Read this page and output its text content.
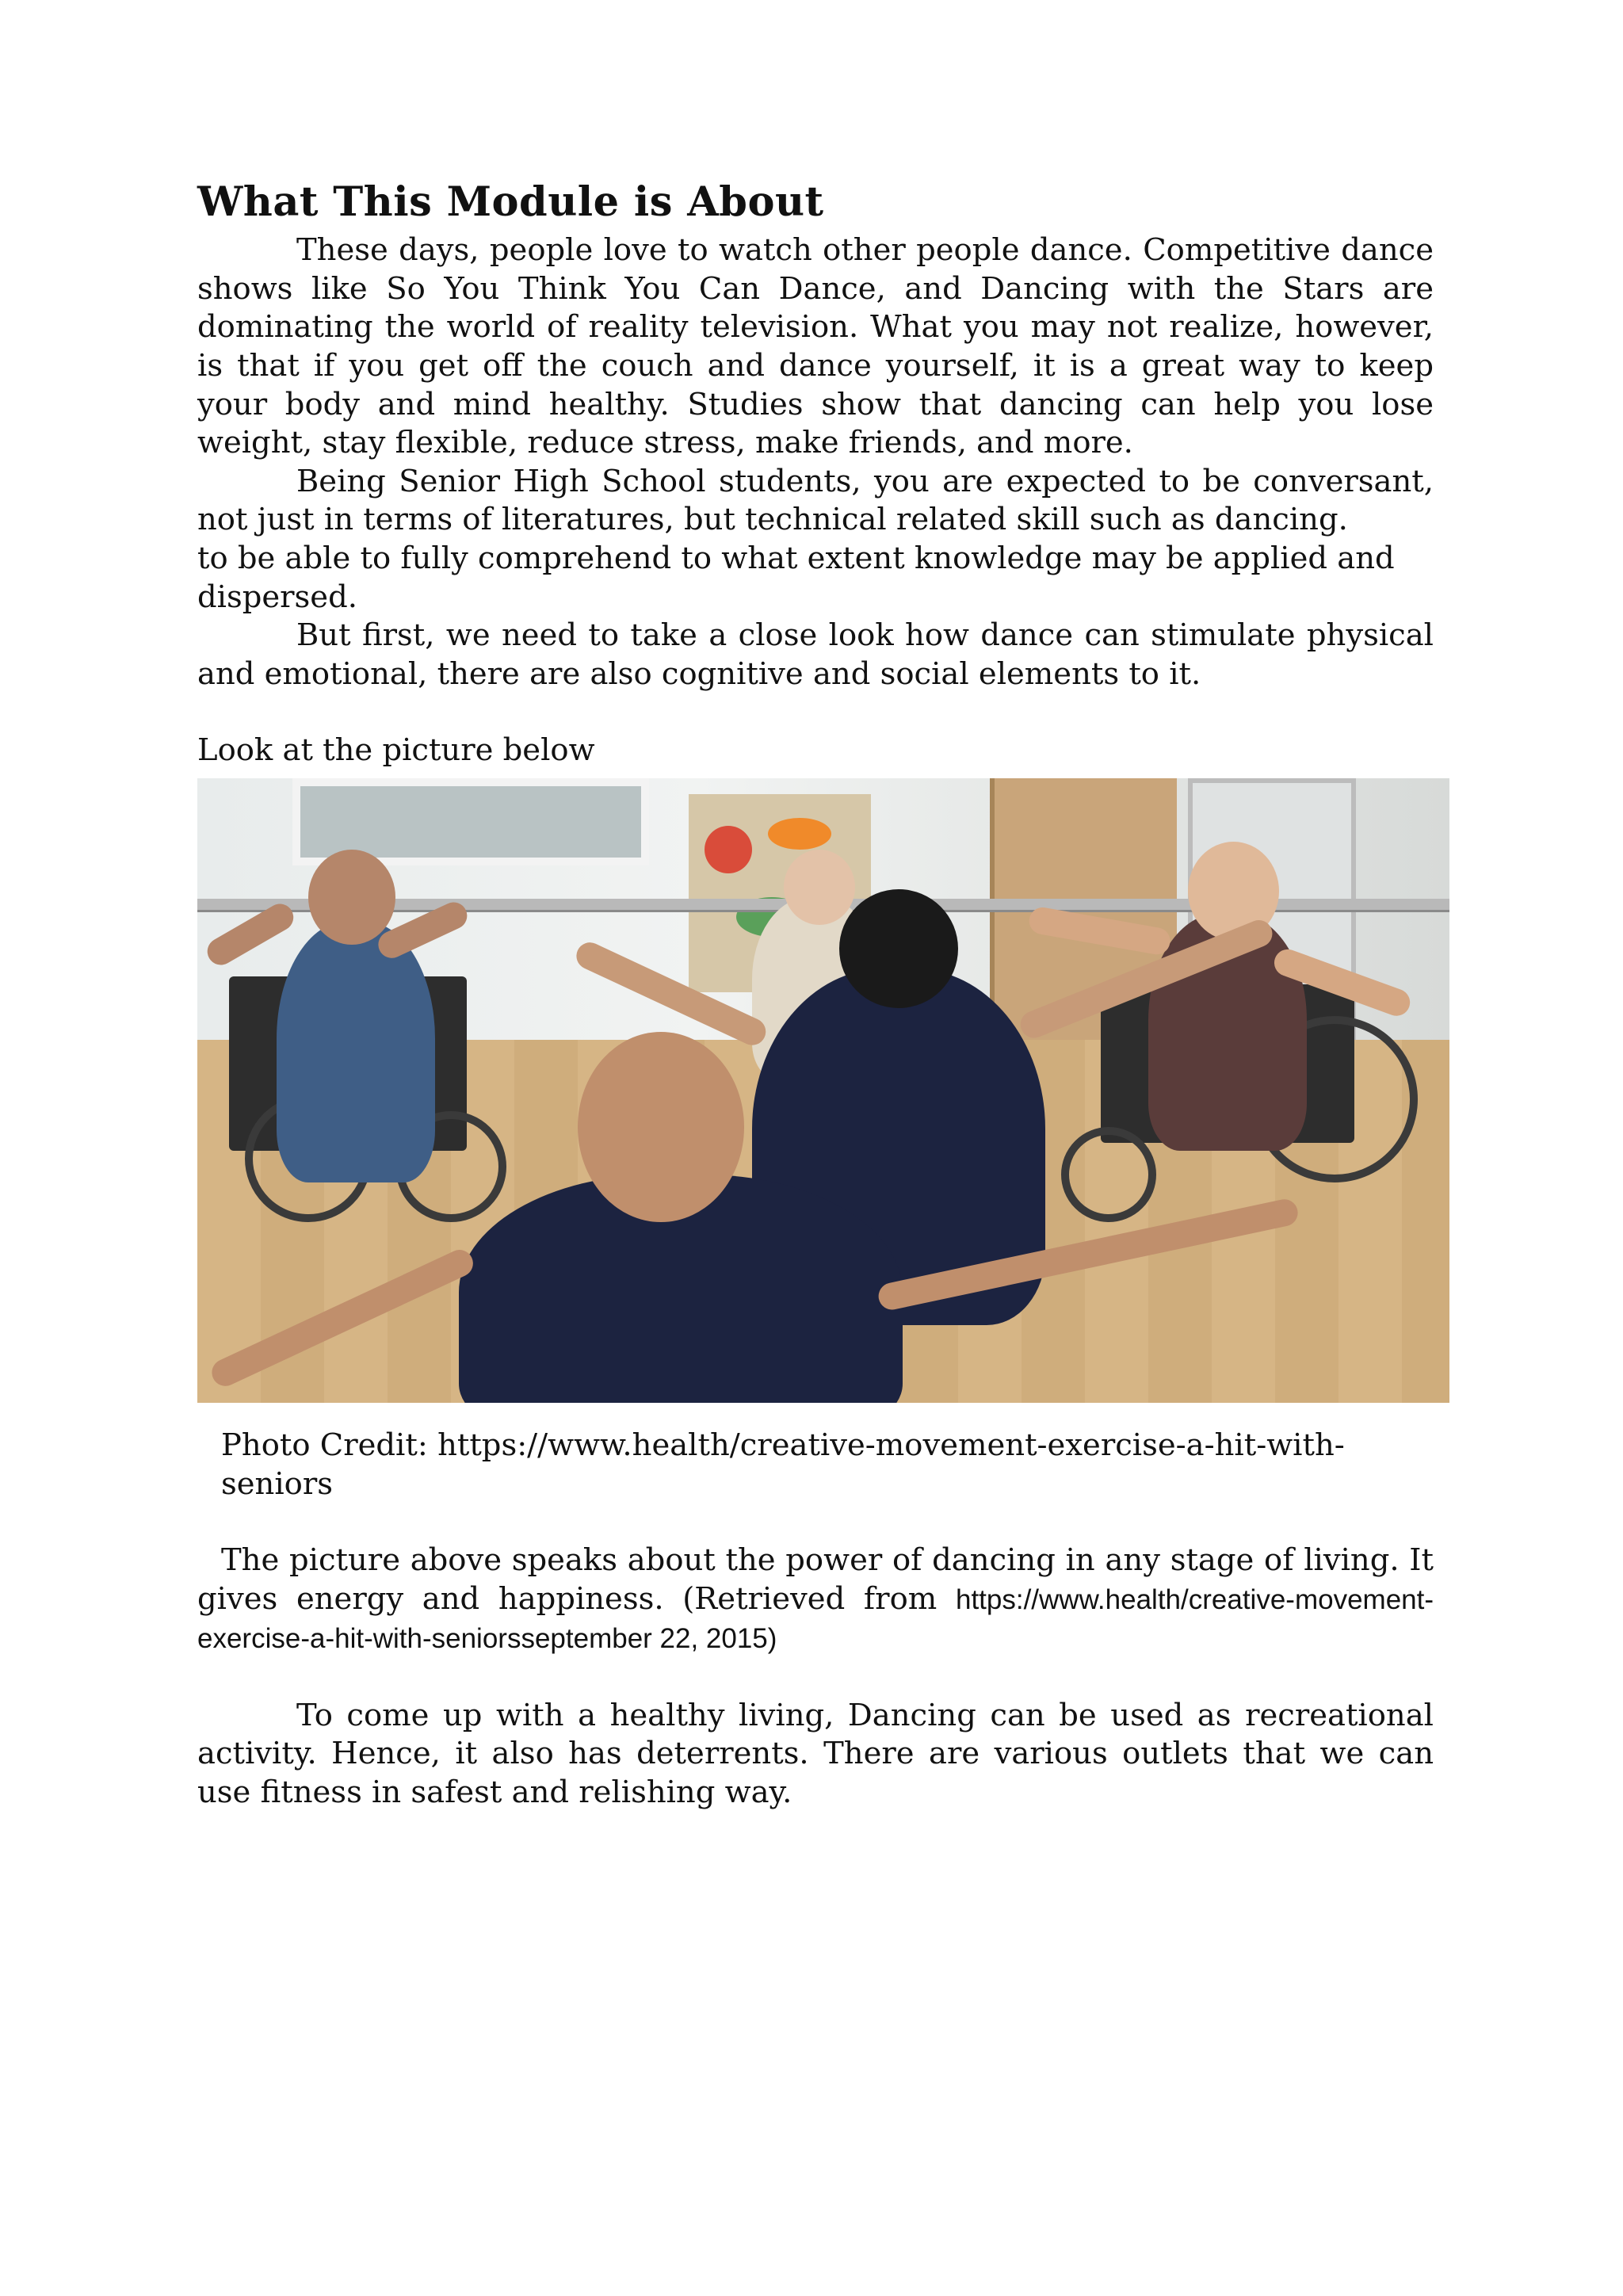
What This Module is About

These days, people love to watch other people dance. Competitive dance shows like So You Think You Can Dance, and Dancing with the Stars are dominating the world of reality television. What you may not realize, however, is that if you get off the couch and dance yourself, it is a great way to keep your body and mind healthy. Studies show that dancing can help you lose weight, stay flexible, reduce stress, make friends, and more.

Being Senior High School students, you are expected to be conversant, not just in terms of literatures, but technical related skill such as dancing.

to be able to fully comprehend to what extent knowledge may be applied and dispersed.

But first, we need to take a close look how dance can stimulate physical and emotional, there are also cognitive and social elements to it.

Look at the picture below

Photo Credit: https://www.health/creative-movement-exercise-a-hit-with-seniors

The picture above speaks about the power of dancing in any stage of living. It gives energy and happiness. (Retrieved from https://www.health/creative-movement-exercise-a-hit-with-seniorsseptember 22, 2015)

To come up with a healthy living, Dancing can be used as recreational activity. Hence, it also has deterrents. There are various outlets that we can use fitness in safest and relishing way.
